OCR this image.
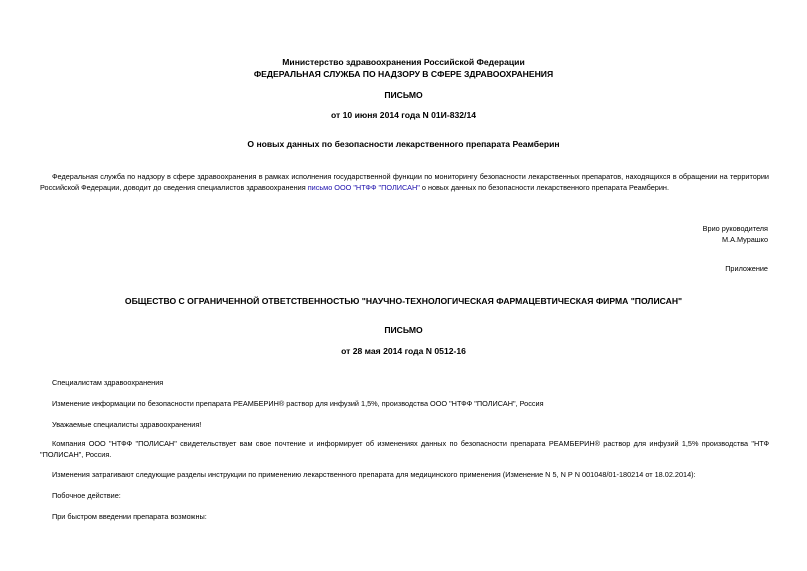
Министерство здравоохранения Российской Федерации

ФЕДЕРАЛЬНАЯ СЛУЖБА ПО НАДЗОРУ В СФЕРЕ ЗДРАВООХРАНЕНИЯ

ПИСЬМО

от 10 июня 2014 года N 01И-832/14

О новых данных по безопасности лекарственного препарата Реамберин

Федеральная служба по надзору в сфере здравоохранения в рамках исполнения государственной функции по мониторингу безопасности лекарственных препаратов, находящихся в обращении на территории Российской Федерации, доводит до сведения специалистов здравоохранения письмо ООО "НТФФ "ПОЛИСАН" о новых данных по безопасности лекарственного препарата Реамберин.

Врио руководителя

М.А.Мурашко

Приложение

ОБЩЕСТВО С ОГРАНИЧЕННОЙ ОТВЕТСТВЕННОСТЬЮ "НАУЧНО-ТЕХНОЛОГИЧЕСКАЯ ФАРМАЦЕВТИЧЕСКАЯ ФИРМА "ПОЛИСАН"

ПИСЬМО

от 28 мая 2014 года N 0512-16

Специалистам здравоохранения

Изменение информации по безопасности препарата РЕАМБЕРИН® раствор для инфузий 1,5%, производства ООО "НТФФ "ПОЛИСАН", Россия

Уважаемые специалисты здравоохранения!

Компания ООО "НТФФ "ПОЛИСАН" свидетельствует вам свое почтение и информирует об изменениях данных по безопасности препарата РЕАМБЕРИН® раствор для инфузий 1,5% производства "НТФ "ПОЛИСАН", Россия.

Изменения затрагивают следующие разделы инструкции по применению лекарственного препарата для медицинского применения (Изменение N 5, N Р N 001048/01-180214 от 18.02.2014):

Побочное действие:

При быстром введении препарата возможны:
